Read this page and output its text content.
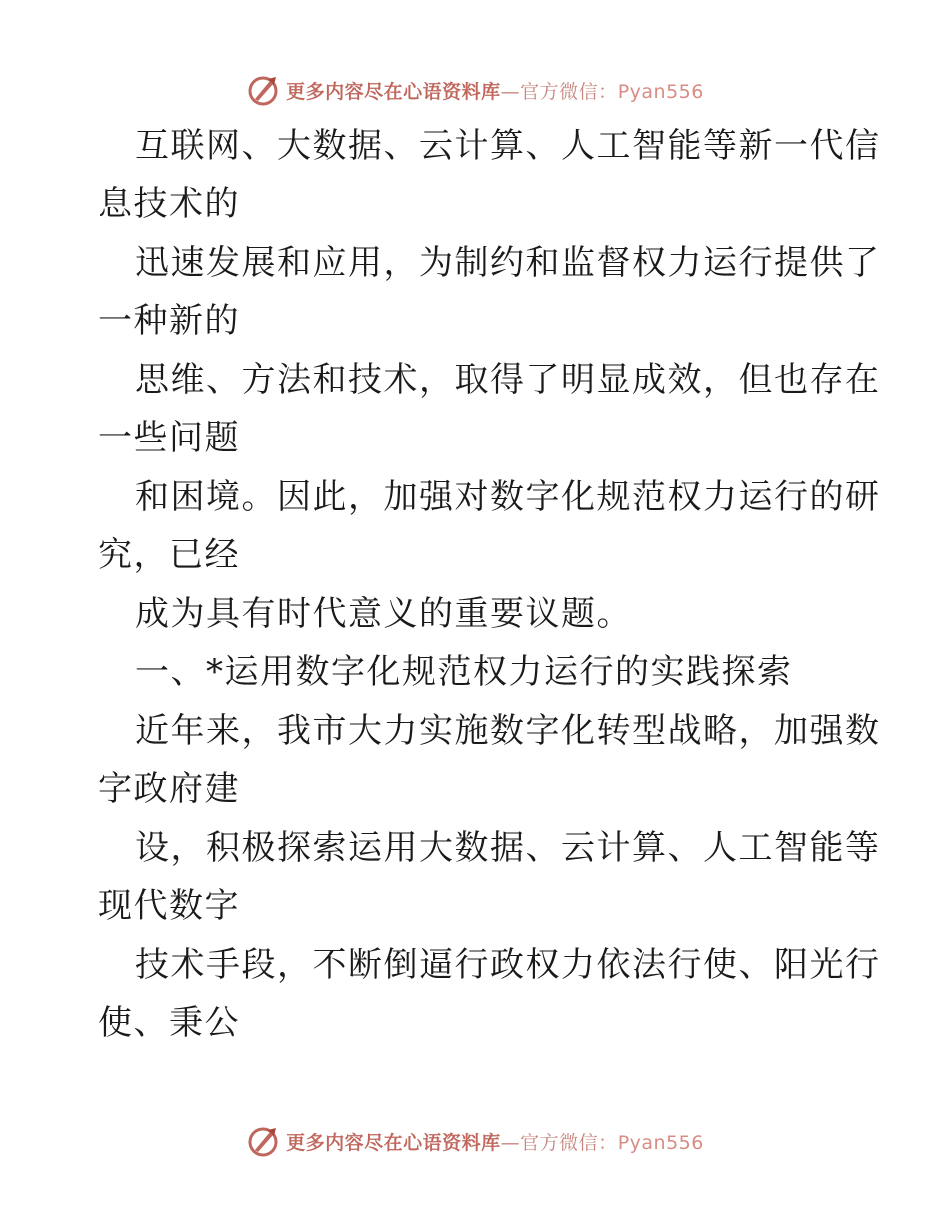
更多内容尽在心语资料库—官方微信：Pyan556
互联网、大数据、云计算、人工智能等新一代信
息技术的
迅速发展和应用，为制约和监督权力运行提供了
一种新的
思维、方法和技术，取得了明显成效，但也存在
一些问题
和困境。因此，加强对数字化规范权力运行的研
究，已经
成为具有时代意义的重要议题。
一、*运用数字化规范权力运行的实践探索
近年来，我市大力实施数字化转型战略，加强数
字政府建
设，积极探索运用大数据、云计算、人工智能等
现代数字
技术手段，不断倒逼行政权力依法行使、阳光行
使、秉公
更多内容尽在心语资料库—官方微信：Pyan556
